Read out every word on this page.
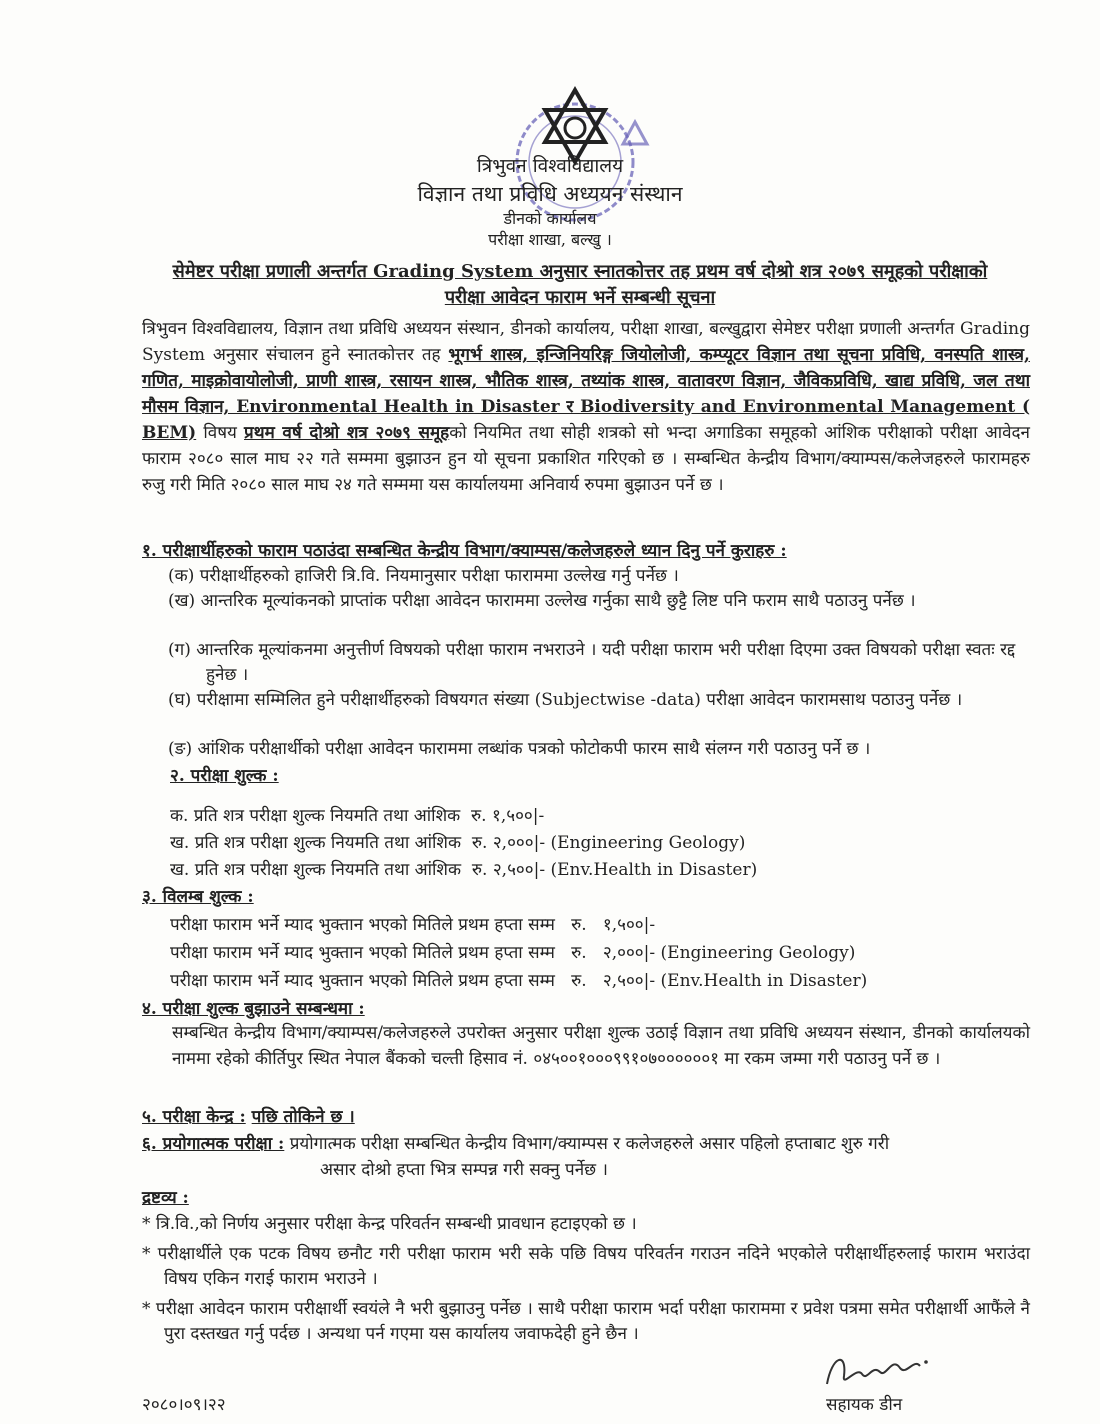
त्रिभुवन विश्वविद्यालय
विज्ञान तथा प्रविधि अध्ययन संस्थान
डीनको कार्यालय
परीक्षा शाखा, बल्खु ।
सेमेष्टर परीक्षा प्रणाली अन्तर्गत Grading System अनुसार स्नातकोत्तर तह प्रथम वर्ष दोश्रो शत्र २०७९ समूहको परीक्षाको
परीक्षा आवेदन फाराम भर्ने सम्बन्धी सूचना

त्रिभुवन विश्वविद्यालय, विज्ञान तथा प्रविधि अध्ययन संस्थान, डीनको कार्यालय, परीक्षा शाखा, बल्खुद्वारा सेमेष्टर परीक्षा प्रणाली अन्तर्गत Grading System अनुसार संचालन हुने स्नातकोत्तर तह भूगर्भ शास्त्र, इन्जिनियरिङ्ग जियोलोजी, कम्प्यूटर विज्ञान तथा सूचना प्रविधि, वनस्पति शास्त्र, गणित, माइक्रोवायोलोजी, प्राणी शास्त्र, रसायन शास्त्र, भौतिक शास्त्र, तथ्यांक शास्त्र, वातावरण विज्ञान, जैविकप्रविधि, खाद्य प्रविधि, जल तथा मौसम विज्ञान, Environmental Health in Disaster र Biodiversity and Environmental Management ( BEM) विषय प्रथम वर्ष दोश्रो शत्र २०७९ समूहको नियमित तथा सोही शत्रको सो भन्दा अगाडिका समूहको आंशिक परीक्षाको परीक्षा आवेदन फाराम २०८० साल माघ २२ गते सम्ममा बुझाउन हुन यो सूचना प्रकाशित गरिएको छ । सम्बन्धित केन्द्रीय विभाग/क्याम्पस/कलेजहरुले फारामहरु रुजु गरी मिति २०८० साल माघ २४ गते सम्ममा यस कार्यालयमा अनिवार्य रुपमा बुझाउन पर्ने छ ।

१. परीक्षार्थीहरुको फाराम पठाउंदा सम्बन्धित केन्द्रीय विभाग/क्याम्पस/कलेजहरुले ध्यान दिनु पर्ने कुराहरु :
(क) परीक्षार्थीहरुको हाजिरी त्रि.वि. नियमानुसार परीक्षा फाराममा उल्लेख गर्नु पर्नेछ ।
(ख) आन्तरिक मूल्यांकनको प्राप्तांक परीक्षा आवेदन फाराममा उल्लेख गर्नुका साथै छुट्टै लिष्ट पनि फराम साथै पठाउनु पर्नेछ ।
(ग) आन्तरिक मूल्यांकनमा अनुत्तीर्ण विषयको परीक्षा फाराम नभराउने । यदी परीक्षा फाराम भरी परीक्षा दिएमा उक्त विषयको परीक्षा स्वतः रद्द हुनेछ ।
(घ) परीक्षामा सम्मिलित हुने परीक्षार्थीहरुको विषयगत संख्या (Subjectwise -data) परीक्षा आवेदन फारामसाथ पठाउनु पर्नेछ ।
(ङ) आंशिक परीक्षार्थीको परीक्षा आवेदन फाराममा लब्धांक पत्रको फोटोकपी फारम साथै संलग्न गरी पठाउनु पर्ने छ ।
२. परीक्षा शुल्क :
क. प्रति शत्र परीक्षा शुल्क नियमति तथा आंशिक रु. १,५००|-
ख. प्रति शत्र परीक्षा शुल्क नियमति तथा आंशिक रु. २,०००|- (Engineering Geology)
ख. प्रति शत्र परीक्षा शुल्क नियमति तथा आंशिक रु. २,५००|- (Env.Health in Disaster)
३. विलम्ब शुल्क :
परीक्षा फाराम भर्ने म्याद भुक्तान भएको मितिले प्रथम हप्ता सम्म रु. १,५००|-
परीक्षा फाराम भर्ने म्याद भुक्तान भएको मितिले प्रथम हप्ता सम्म रु. २,०००|- (Engineering Geology)
परीक्षा फाराम भर्ने म्याद भुक्तान भएको मितिले प्रथम हप्ता सम्म रु. २,५००|- (Env.Health in Disaster)
४. परीक्षा शुल्क बुझाउने सम्बन्धमा :

सम्बन्धित केन्द्रीय विभाग/क्याम्पस/कलेजहरुले उपरोक्त अनुसार परीक्षा शुल्क उठाई विज्ञान तथा प्रविधि अध्ययन संस्थान, डीनको कार्यालयको नाममा रहेको कीर्तिपुर स्थित नेपाल बैंकको चल्ती हिसाव नं. ०४५००१०००९९१०७००००००१ मा रकम जम्मा गरी पठाउनु पर्ने छ ।

५. परीक्षा केन्द्र : पछि तोकिने छ ।
६. प्रयोगात्मक परीक्षा : प्रयोगात्मक परीक्षा सम्बन्धित केन्द्रीय विभाग/क्याम्पस र कलेजहरुले असार पहिलो हप्ताबाट शुरु गरी
असार दोश्रो हप्ता भित्र सम्पन्न गरी सक्नु पर्नेछ ।
द्रष्टव्य :
* त्रि.वि.,को निर्णय अनुसार परीक्षा केन्द्र परिवर्तन सम्बन्धी प्रावधान हटाइएको छ ।
* परीक्षार्थीले एक पटक विषय छनौट गरी परीक्षा फाराम भरी सके पछि विषय परिवर्तन गराउन नदिने भएकोले परीक्षार्थीहरुलाई फाराम भराउंदा विषय एकिन गराई फाराम भराउने ।
* परीक्षा आवेदन फाराम परीक्षार्थी स्वयंले नै भरी बुझाउनु पर्नेछ । साथै परीक्षा फाराम भर्दा परीक्षा फाराममा र प्रवेश पत्रमा समेत परीक्षार्थी आफैंले नै पुरा दस्तखत गर्नु पर्दछ । अन्यथा पर्न गएमा यस कार्यालय जवाफदेही हुने छैन ।
सहायक डीन
२०८०।०९।२२
